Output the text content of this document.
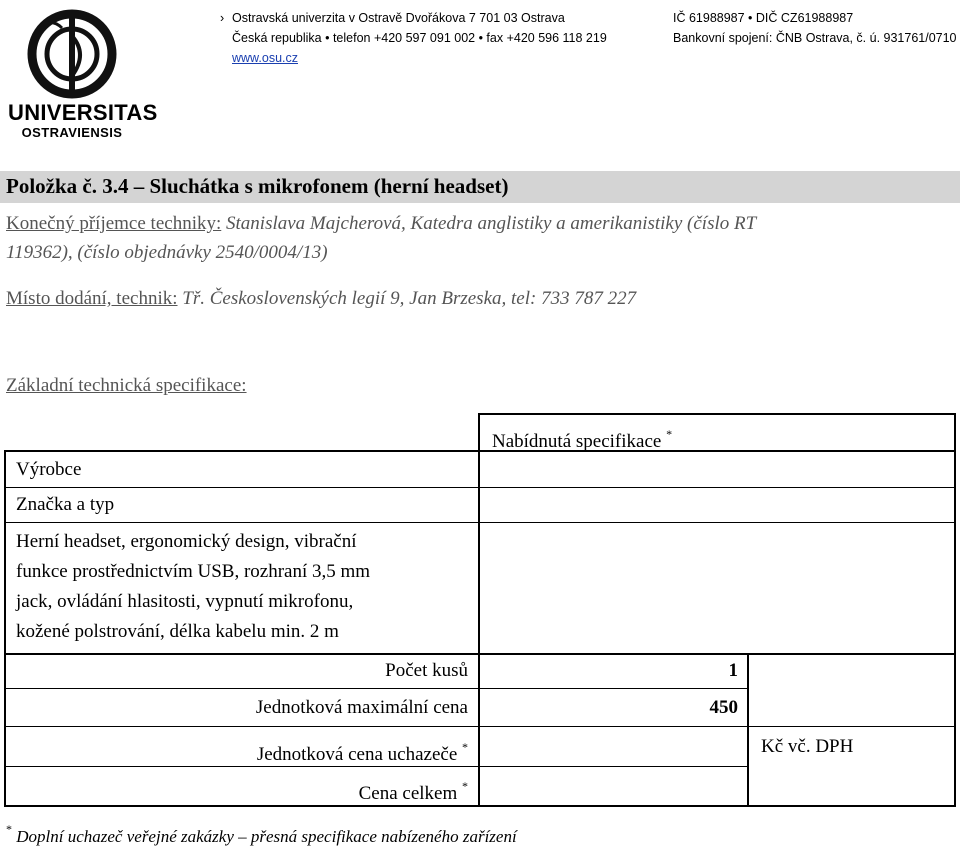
UNIVERSITAS
OSTRAVIENSIS
› Ostravská univerzita v Ostravě Dvořákova 7 701 03 Ostrava
Česká republika • telefon +420 597 091 002 • fax +420 596 118 219
www.osu.cz
IČ 61988987 • DIČ CZ61988987
Bankovní spojení: ČNB Ostrava, č. ú. 931761/0710
Položka č. 3.4 – Sluchátka s mikrofonem (herní headset)
Konečný příjemce techniky: Stanislava Majcherová, Katedra anglistiky a amerikanistiky (číslo RT
119362), (číslo objednávky 2540/0004/13)
Místo dodání, technik: Tř. Československých legií 9, Jan Brzeska, tel: 733 787 227
Základní technická specifikace:
Nabídnutá specifikace *
Výrobce
Značka a typ
Herní headset, ergonomický design, vibrační
funkce prostřednictvím USB, rozhraní 3,5 mm
jack, ovládání hlasitosti, vypnutí mikrofonu,
kožené polstrování, délka kabelu min. 2 m
Počet kusů
Jednotková maximální cena
Jednotková cena uchazeče *
Cena celkem *
1
450
Kč vč. DPH
* Doplní uchazeč veřejné zakázky – přesná specifikace nabízeného zařízení
